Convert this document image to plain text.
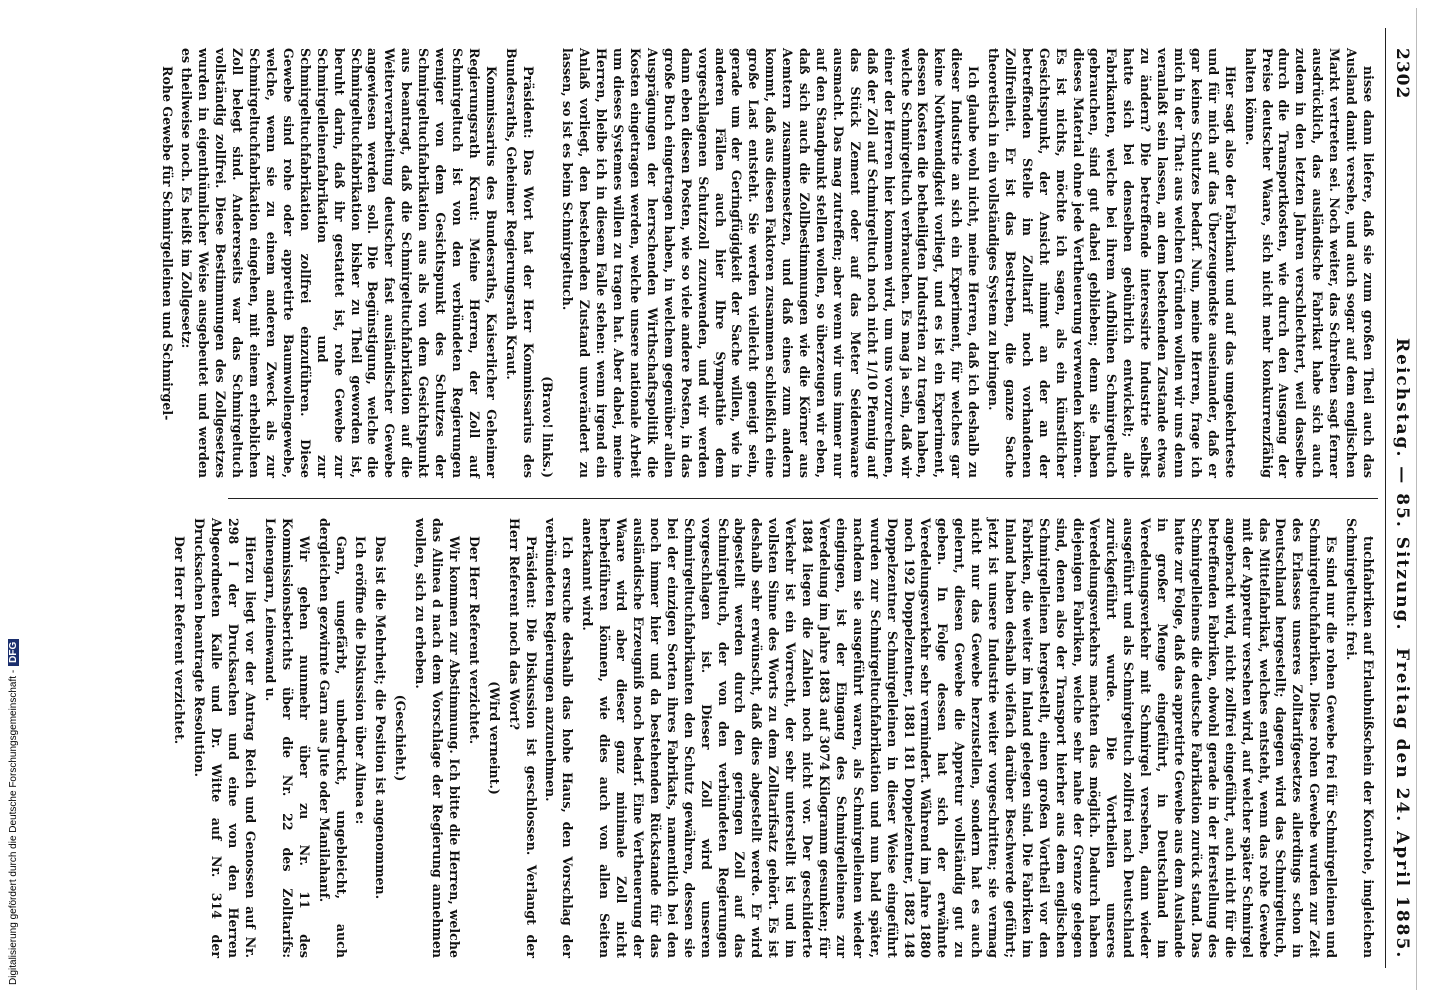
2302
Reichstag. — 85. Sitzung.
Freitag den 24. April 1885.

nisse dann liefere, daß sie zum großen Theil auch das Ausland damit versehe, und auch sogar auf dem englischen Markt vertreten sei. Noch weiter, das Schreiben sagt ferner ausdrücklich, das ausländische Fabrikat habe sich auch zudem in den letzten Jahren verschlechtert, weil dasselbe durch die Transportkosten, wie durch den Ausgang der Preise deutscher Waare, sich nicht mehr konkurrenzfähig halten könne.

Hier sagt also der Fabrikant und auf das umgekehrteste und für mich auf das Überzeugendste auseinander, daß er gar keines Schutzes bedarf. Nun, meine Herren, frage ich mich in der That: aus welchen Gründen wollen wir uns denn veranlaßt sein lassen, an dem bestehenden Zustande etwas zu ändern? Die betreffende interessirte Industrie selbst hatte sich bei denselben gebührlich entwickelt; alle Fabrikanten, welche bei ihrem Aufblühen Schmirgeltuch gebrauchen, sind gut dabei geblieben; denn sie haben dieses Material ohne jede Vertheuerung verwenden können. Es ist nichts, möchte ich sagen, als ein künstlicher Gesichtspunkt, der Ansicht nimmt an der an der betreffenden Stelle im Zolltarif noch vorhandenen Zollfreiheit. Er ist das Bestreben, die ganze Sache theoretisch in ein vollständiges System zu bringen.

Ich glaube wohl nicht, meine Herren, daß ich deshalb zu dieser Industrie an sich ein Experiment, für welches gar keine Nothwendigkeit vorliegt, und es ist ein Experiment, dessen Kosten die betheiligten Industrien zu tragen haben, welche Schmirgeltuch verbrauchen. Es mag ja sein, daß wir einer der Herren hier kommen wird, um uns vorzurechnen, daß der Zoll auf Schmirgeltuch noch nicht 1/10 Pfennig auf das Stück Zement oder auf das Meter Seidenwaare ausmacht. Das mag zutreffen; aber wenn wir uns immer nur auf den Standpunkt stellen wollen, so überzeugen wir eben, daß sich auch die Zollbestimmungen wie die Körner aus Aemtern zusammensetzen, und daß eines zum andern kommt, daß aus diesen Faktoren zusammen schließlich eine große Last entsteht. Sie werden vielleicht geneigt sein, gerade um der Geringfügigkeit der Sache willen, wie in anderen Fällen auch hier Ihre Sympathie dem vorgeschlagenen Schutzzoll zuzuwenden, und wir werden dann eben diesen Posten, wie so viele andere Posten, in das große Buch eingetragen haben, in welchem gegenüber allen Ausprägungen der herrschenden Wirthschaftspolitik die Kosten eingetragen werden, welche unsere nationale Arbeit um dieses Systemes willen zu tragen hat. Aber dabei, meine Herren, bleibe ich in diesem Falle stehen: wenn irgend ein Anlaß vorliegt, den bestehenden Zustand unverändert zu lassen, so ist es beim Schmirgeltuch.

(Bravo! links.)

Präsident: Das Wort hat der Herr Kommissarius des Bundesraths, Geheimer Regierungsrath Kraut.

Kommissarius des Bundesraths, Kaiserlicher Geheimer Regierungsrath Kraut: Meine Herren, der Zoll auf Schmirgeltuch ist von den verbündeten Regierungen weniger von dem Gesichtspunkt des Schutzes der Schmirgeltuchfabrikation aus als von dem Gesichtspunkt aus beantragt, daß die Schmirgeltuchfabrikation auf die Weiterverarbeitung deutscher fast ausländischer Gewebe angewiesen werden soll. Die Begünstigung, welche die Schmirgeltuchfabrikation bisher zu Theil geworden ist, beruht darin, daß ihr gestattet ist, rohe Gewebe zur Schmirgelleinenfabrikation und zur Schmirgeltuchfabrikation zollfrei einzuführen. Diese Gewebe sind rohe oder appretirte Baumwollengewebe, welche, wenn sie zu einem anderen Zweck als zur Schmirgeltuchfabrikation eingehen, mit einem erheblichen Zoll belegt sind. Andererseits war das Schmirgeltuch vollständig zollfrei. Diese Bestimmungen des Zollgesetzes wurden in eigenthümlicher Weise ausgebeutet und werden es theilweise noch. Es heißt im Zollgesetz:

Rohe Gewebe für Schmirgelleinen und Schmirgel-

tuchfabriken auf Erlaubnißschein der Kontrole, imgleichen Schmirgeltuch: frei.

Es sind nur die rohen Gewebe frei für Schmirgelleinen und Schmirgeltuchfabriken. Diese rohen Gewebe wurden zur Zeit des Erlasses unseres Zolltarifgesetzes allerdings schon in Deutschland hergestellt; dagegen wird das Schmirgeltuch, das Mittelfabrikat, welches entsteht, wenn das rohe Gewebe mit der Appretur versehen wird, auf welcher später Schmirgel angebracht wird, nicht zollfrei eingeführt, auch nicht für die betreffenden Fabriken, obwohl gerade in der Herstellung des Schmirgelleinens die deutsche Fabrikation zurück stand. Das hatte zur Folge, daß das appretirte Gewebe aus dem Auslande in großer Menge eingeführt, in Deutschland im Veredelungsverkehr mit Schmirgel versehen, dann wieder ausgeführt und als Schmirgeltuch zollfrei nach Deutschland zurückgeführt wurde. Die Vortheilen unseres Veredelungsverkehrs machten das möglich. Dadurch haben diejenigen Fabriken, welche sehr nahe der Grenze gelegen sind, denen also der Transport hierher aus dem englischen Schmirgelleinen hergestellt, einen großen Vortheil vor den Fabriken, die weiter im Inland gelegen sind. Die Fabriken im Inland haben deshalb vielfach darüber Beschwerde geführt; jetzt ist unsere Industrie weiter vorgeschritten; sie vermag nicht nur das Gewebe herzustellen, sondern hat es auch gelernt, diesen Gewebe die Appretur vollständig gut zu geben. In Folge dessen hat sich der erwähnte Veredelungsverkehr sehr vermindert. Während im Jahre 1880 noch 192 Doppelzentner, 1881 181 Doppelzentner, 1882 148 Doppelzentner Schmirgelleinen in dieser Weise eingeführt wurden zur Schmirgeltuchfabrikation und nun bald später, nachdem sie ausgeführt waren, als Schmirgelleinen wieder eingingen, ist der Eingang des Schmirgelleinens zur Veredelung im Jahre 1883 auf 3074 Kilogramm gesunken; für 1884 liegen die Zahlen noch nicht vor. Der geschilderte Verkehr ist ein Vorrecht, der sehr unterstellt ist und im vollsten Sinne des Worts zu dem Zolltarifsatz gehört. Es ist deshalb sehr erwünscht, daß dies abgestellt werde. Er wird abgestellt werden durch den geringen Zoll auf das Schmirgeltuch, der von den verbündeten Regierungen vorgeschlagen ist. Dieser Zoll wird unseren Schmirgeltuchfabrikanten den Schutz gewähren, dessen sie bei der einzigen Sorten ihres Fabrikats, namentlich bei den noch immer hier und da bestehenden Rückstande für das ausländische Erzeugniß noch bedarf. Eine Vertheuerung der Waare wird aber dieser ganz minimale Zoll nicht herbeiführen können, wie dies auch von allen Seiten anerkannt wird.

Ich ersuche deshalb das hohe Haus, den Vorschlag der verbündeten Regierungen anzunehmen.

Präsident: Die Diskussion ist geschlossen. Verlangt der Herr Referent noch das Wort?

(Wird verneint.)

Der Herr Referent verzichtet.

Wir kommen zur Abstimmung. Ich bitte die Herren, welche das Alinea d nach dem Vorschlage der Regierung annehmen wollen, sich zu erheben.

(Geschieht.)

Das ist die Mehrheit; die Position ist angenommen.

Ich eröffne die Diskussion über Alinea e:

Garn, ungefärbt, unbedruckt, ungebleicht, auch dergleichen gezwirnte Garn aus Jute oder Manilahanf.

Wir gehen nunmehr über zu Nr. 11 des Kommissionsberichts über die Nr. 22 des Zolltarifs: Leinengarn, Leinewand u.

Hierzu liegt vor der Antrag Reich und Genossen auf Nr. 298 I der Drucksachen und eine von den Herren Abgeordneten Kalle und Dr. Witte auf Nr. 314 der Drucksachen beantragte Resolution.

Der Herr Referent verzichtet.

Digitalisierung gefördert durch die Deutsche Forschungsgemeinschaft -DFG
